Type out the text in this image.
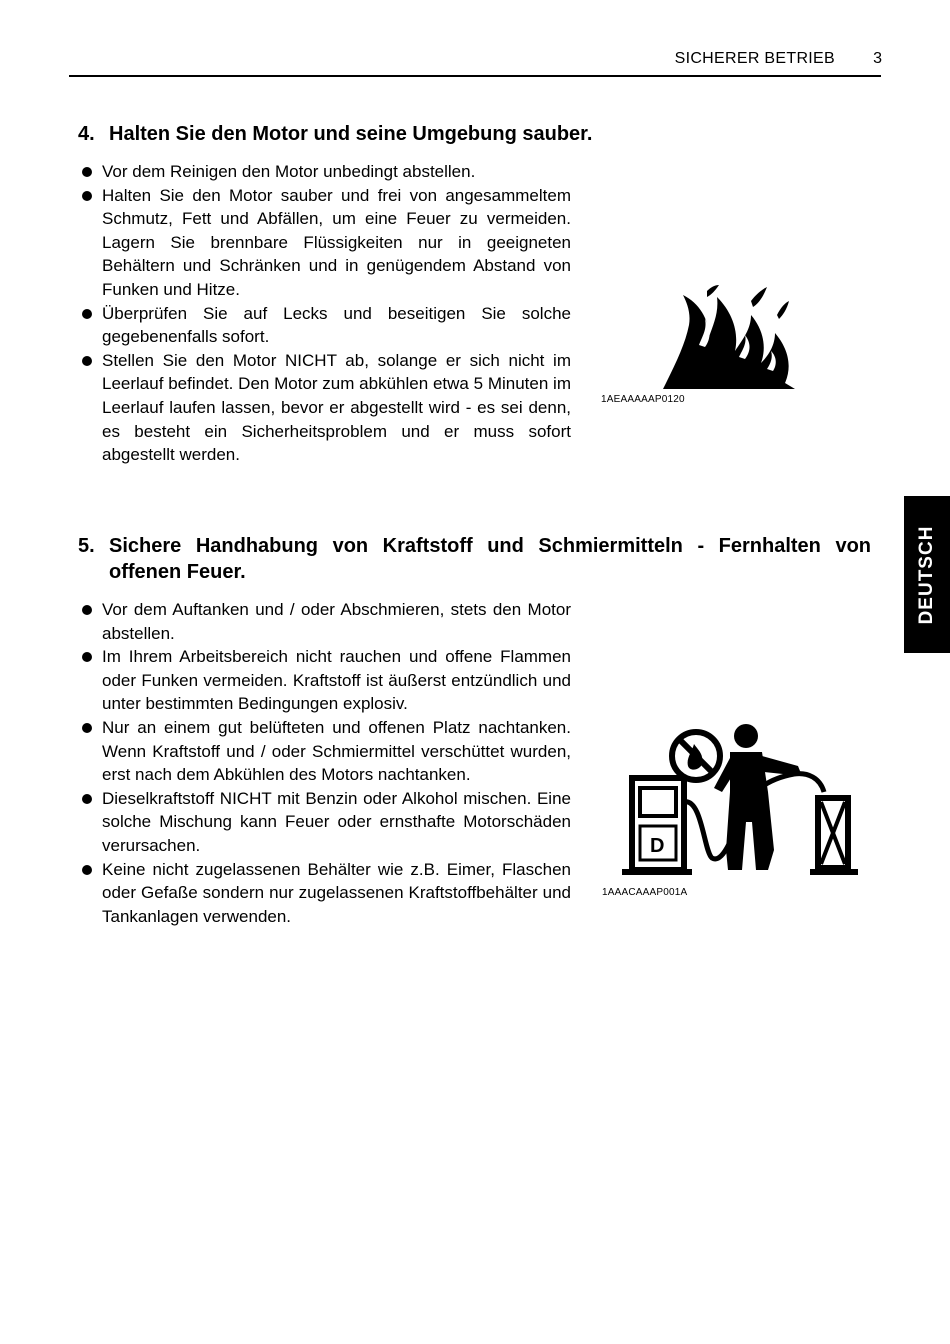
SICHERER BETRIEB	3
4. Halten Sie den Motor und seine Umgebung sauber.
Vor dem Reinigen den Motor unbedingt abstellen.
Halten Sie den Motor sauber und frei von angesammeltem Schmutz, Fett und Abfällen, um eine Feuer zu vermeiden. Lagern Sie brennbare Flüssigkeiten nur in geeigneten Behältern und Schränken und in genügendem Abstand von Funken und Hitze.
Überprüfen Sie auf Lecks und beseitigen Sie solche gegebenenfalls sofort.
Stellen Sie den Motor NICHT ab, solange er sich nicht im Leerlauf befindet. Den Motor zum abkühlen etwa 5 Minuten im Leerlauf laufen lassen, bevor er abgestellt wird - es sei denn, es besteht ein Sicherheitsproblem und er muss sofort abgestellt werden.
1AEAAAAAP0120
5. Sichere Handhabung von Kraftstoff und Schmiermitteln - Fernhalten von offenen Feuer.
Vor dem Auftanken und / oder Abschmieren, stets den Motor abstellen.
Im Ihrem Arbeitsbereich nicht rauchen und offene Flammen oder Funken vermeiden. Kraftstoff ist äußerst entzündlich und unter bestimmten Bedingungen explosiv.
Nur an einem gut belüfteten und offenen Platz nachtanken. Wenn Kraftstoff und / oder Schmiermittel verschüttet wurden, erst nach dem Abkühlen des Motors nachtanken.
Dieselkraftstoff NICHT mit Benzin oder Alkohol mischen. Eine solche Mischung kann Feuer oder ernsthafte Motorschäden verursachen.
Keine nicht zugelassenen Behälter wie z.B. Eimer, Flaschen oder Gefaße sondern nur zugelassenen Kraftstoffbehälter und Tankanlagen verwenden.
D
1AAACAAAP001A
DEUTSCH
